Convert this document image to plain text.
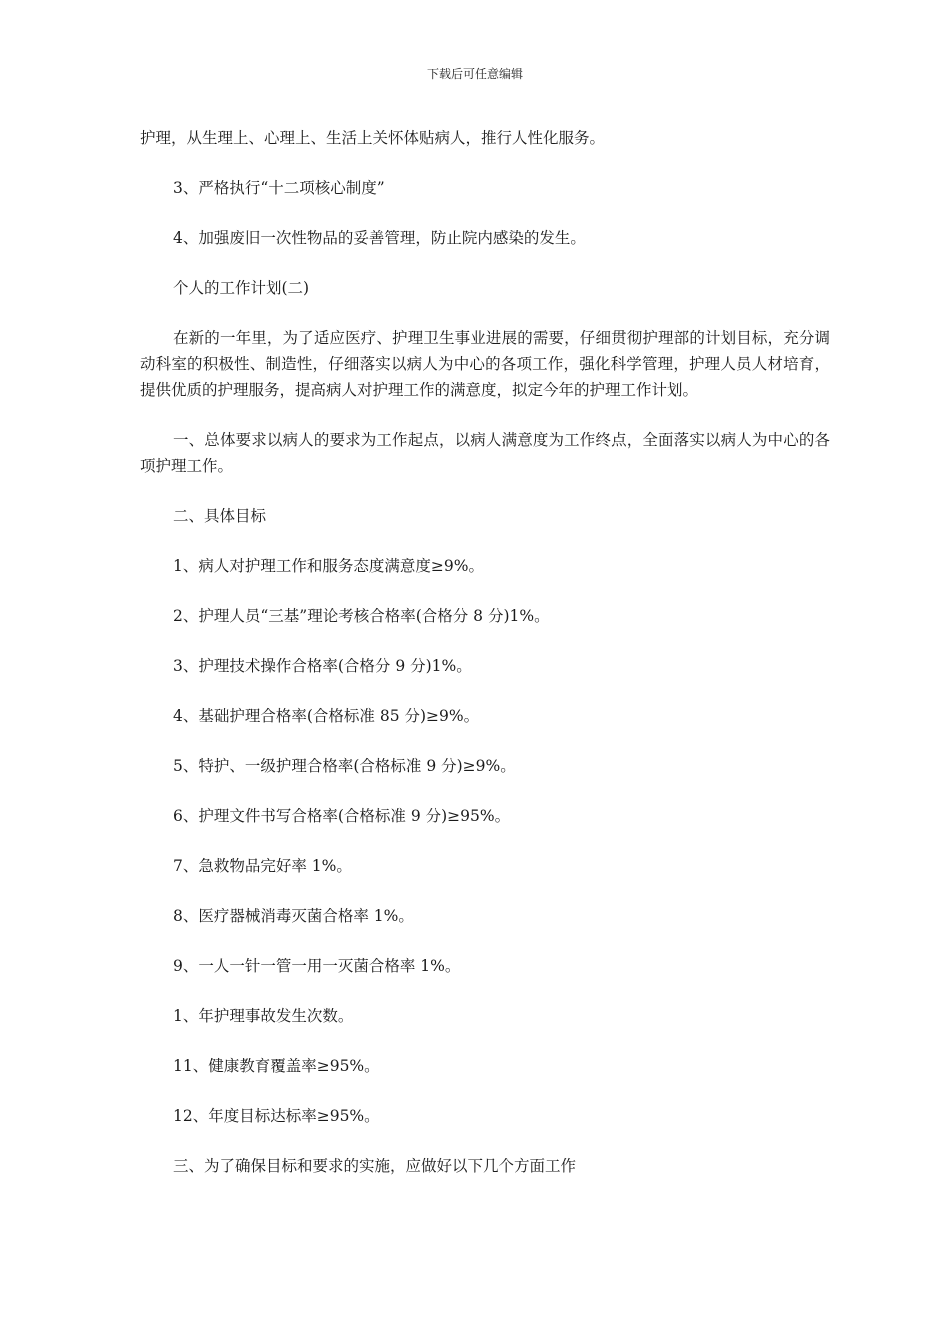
下载后可任意编辑

护理，从生理上、心理上、生活上关怀体贴病人，推行人性化服务。

3、严格执行“十二项核心制度”

4、加强废旧一次性物品的妥善管理，防止院内感染的发生。

个人的工作计划(二)

在新的一年里，为了适应医疗、护理卫生事业进展的需要，仔细贯彻护理部的计划目标，充分调动科室的积极性、制造性，仔细落实以病人为中心的各项工作，强化科学管理，护理人员人材培育，提供优质的护理服务，提高病人对护理工作的满意度，拟定今年的护理工作计划。

一、总体要求以病人的要求为工作起点，以病人满意度为工作终点，全面落实以病人为中心的各项护理工作。

二、具体目标

1、病人对护理工作和服务态度满意度≥9%。

2、护理人员“三基”理论考核合格率(合格分 8 分)1%。

3、护理技术操作合格率(合格分 9 分)1%。

4、基础护理合格率(合格标准 85 分)≥9%。

5、特护、一级护理合格率(合格标准 9 分)≥9%。

6、护理文件书写合格率(合格标准 9 分)≥95%。

7、急救物品完好率 1%。

8、医疗器械消毒灭菌合格率 1%。

9、一人一针一管一用一灭菌合格率 1%。

1、年护理事故发生次数。

11、健康教育覆盖率≥95%。

12、年度目标达标率≥95%。

三、为了确保目标和要求的实施，应做好以下几个方面工作
